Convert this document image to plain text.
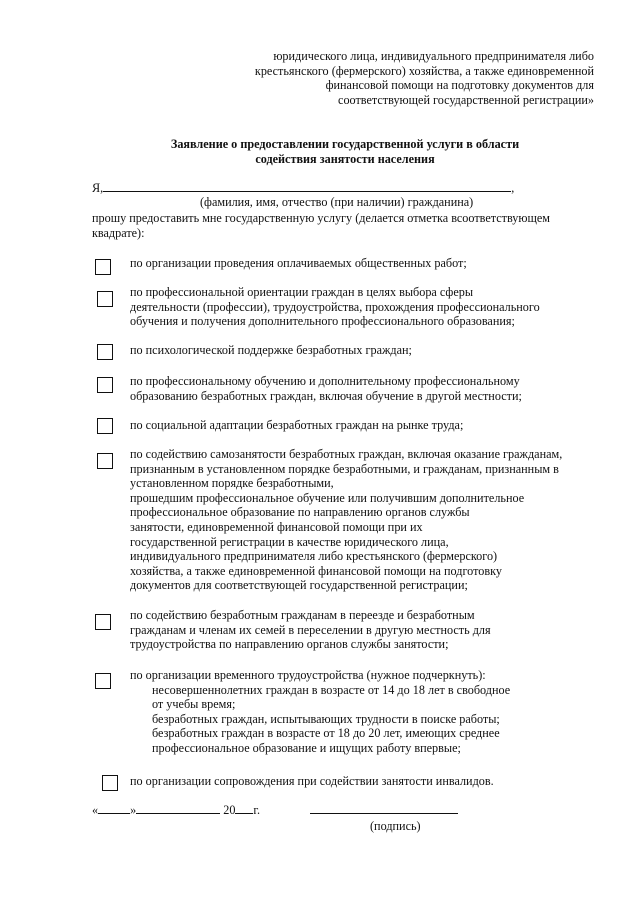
юридического лица, индивидуального предпринимателя либо
крестьянского (фермерского) хозяйства, а также единовременной
финансовой помощи на подготовку документов для
соответствующей государственной регистрации»
Заявление о предоставлении государственной услуги в области
содействия занятости населения
Я,	,
(фамилия, имя, отчество (при наличии) гражданина)
прошу предоставить мне государственную услугу (делается отметка всоответствующем
квадрате):
по организации проведения оплачиваемых общественных работ;
по профессиональной ориентации граждан в целях выбора сферы
деятельности (профессии), трудоустройства, прохождения профессионального
обучения и получения дополнительного профессионального образования;
по психологической поддержке безработных граждан;
по профессиональному обучению и дополнительному профессиональному
образованию безработных граждан, включая обучение в другой местности;
по социальной адаптации безработных граждан на рынке труда;
по содействию самозанятости безработных граждан, включая оказание гражданам,
признанным в установленном порядке безработными, и гражданам, признанным в
установленном порядке безработными,
прошедшим профессиональное обучение или получившим дополнительное
профессиональное образование по направлению органов службы
занятости, единовременной финансовой помощи при их
государственной регистрации в качестве юридического лица,
индивидуального предпринимателя либо крестьянского (фермерского)
хозяйства, а также единовременной финансовой помощи на подготовку
документов для соответствующей государственной регистрации;
по содействию безработным гражданам в переезде и безработным
гражданам и членам их семей в переселении в другую местность для
трудоустройства по направлению органов службы занятости;
по организации временного трудоустройства (нужное подчеркнуть):
несовершеннолетних граждан в возрасте от 14 до 18 лет в свободное
от учебы время;
безработных граждан, испытывающих трудности в поиске работы;
безработных граждан в возрасте от 18 до 20 лет, имеющих среднее
профессиональное образование и ищущих работу впервые;
по организации сопровождения при содействии занятости инвалидов.
«	»	20 г.
(подпись)
